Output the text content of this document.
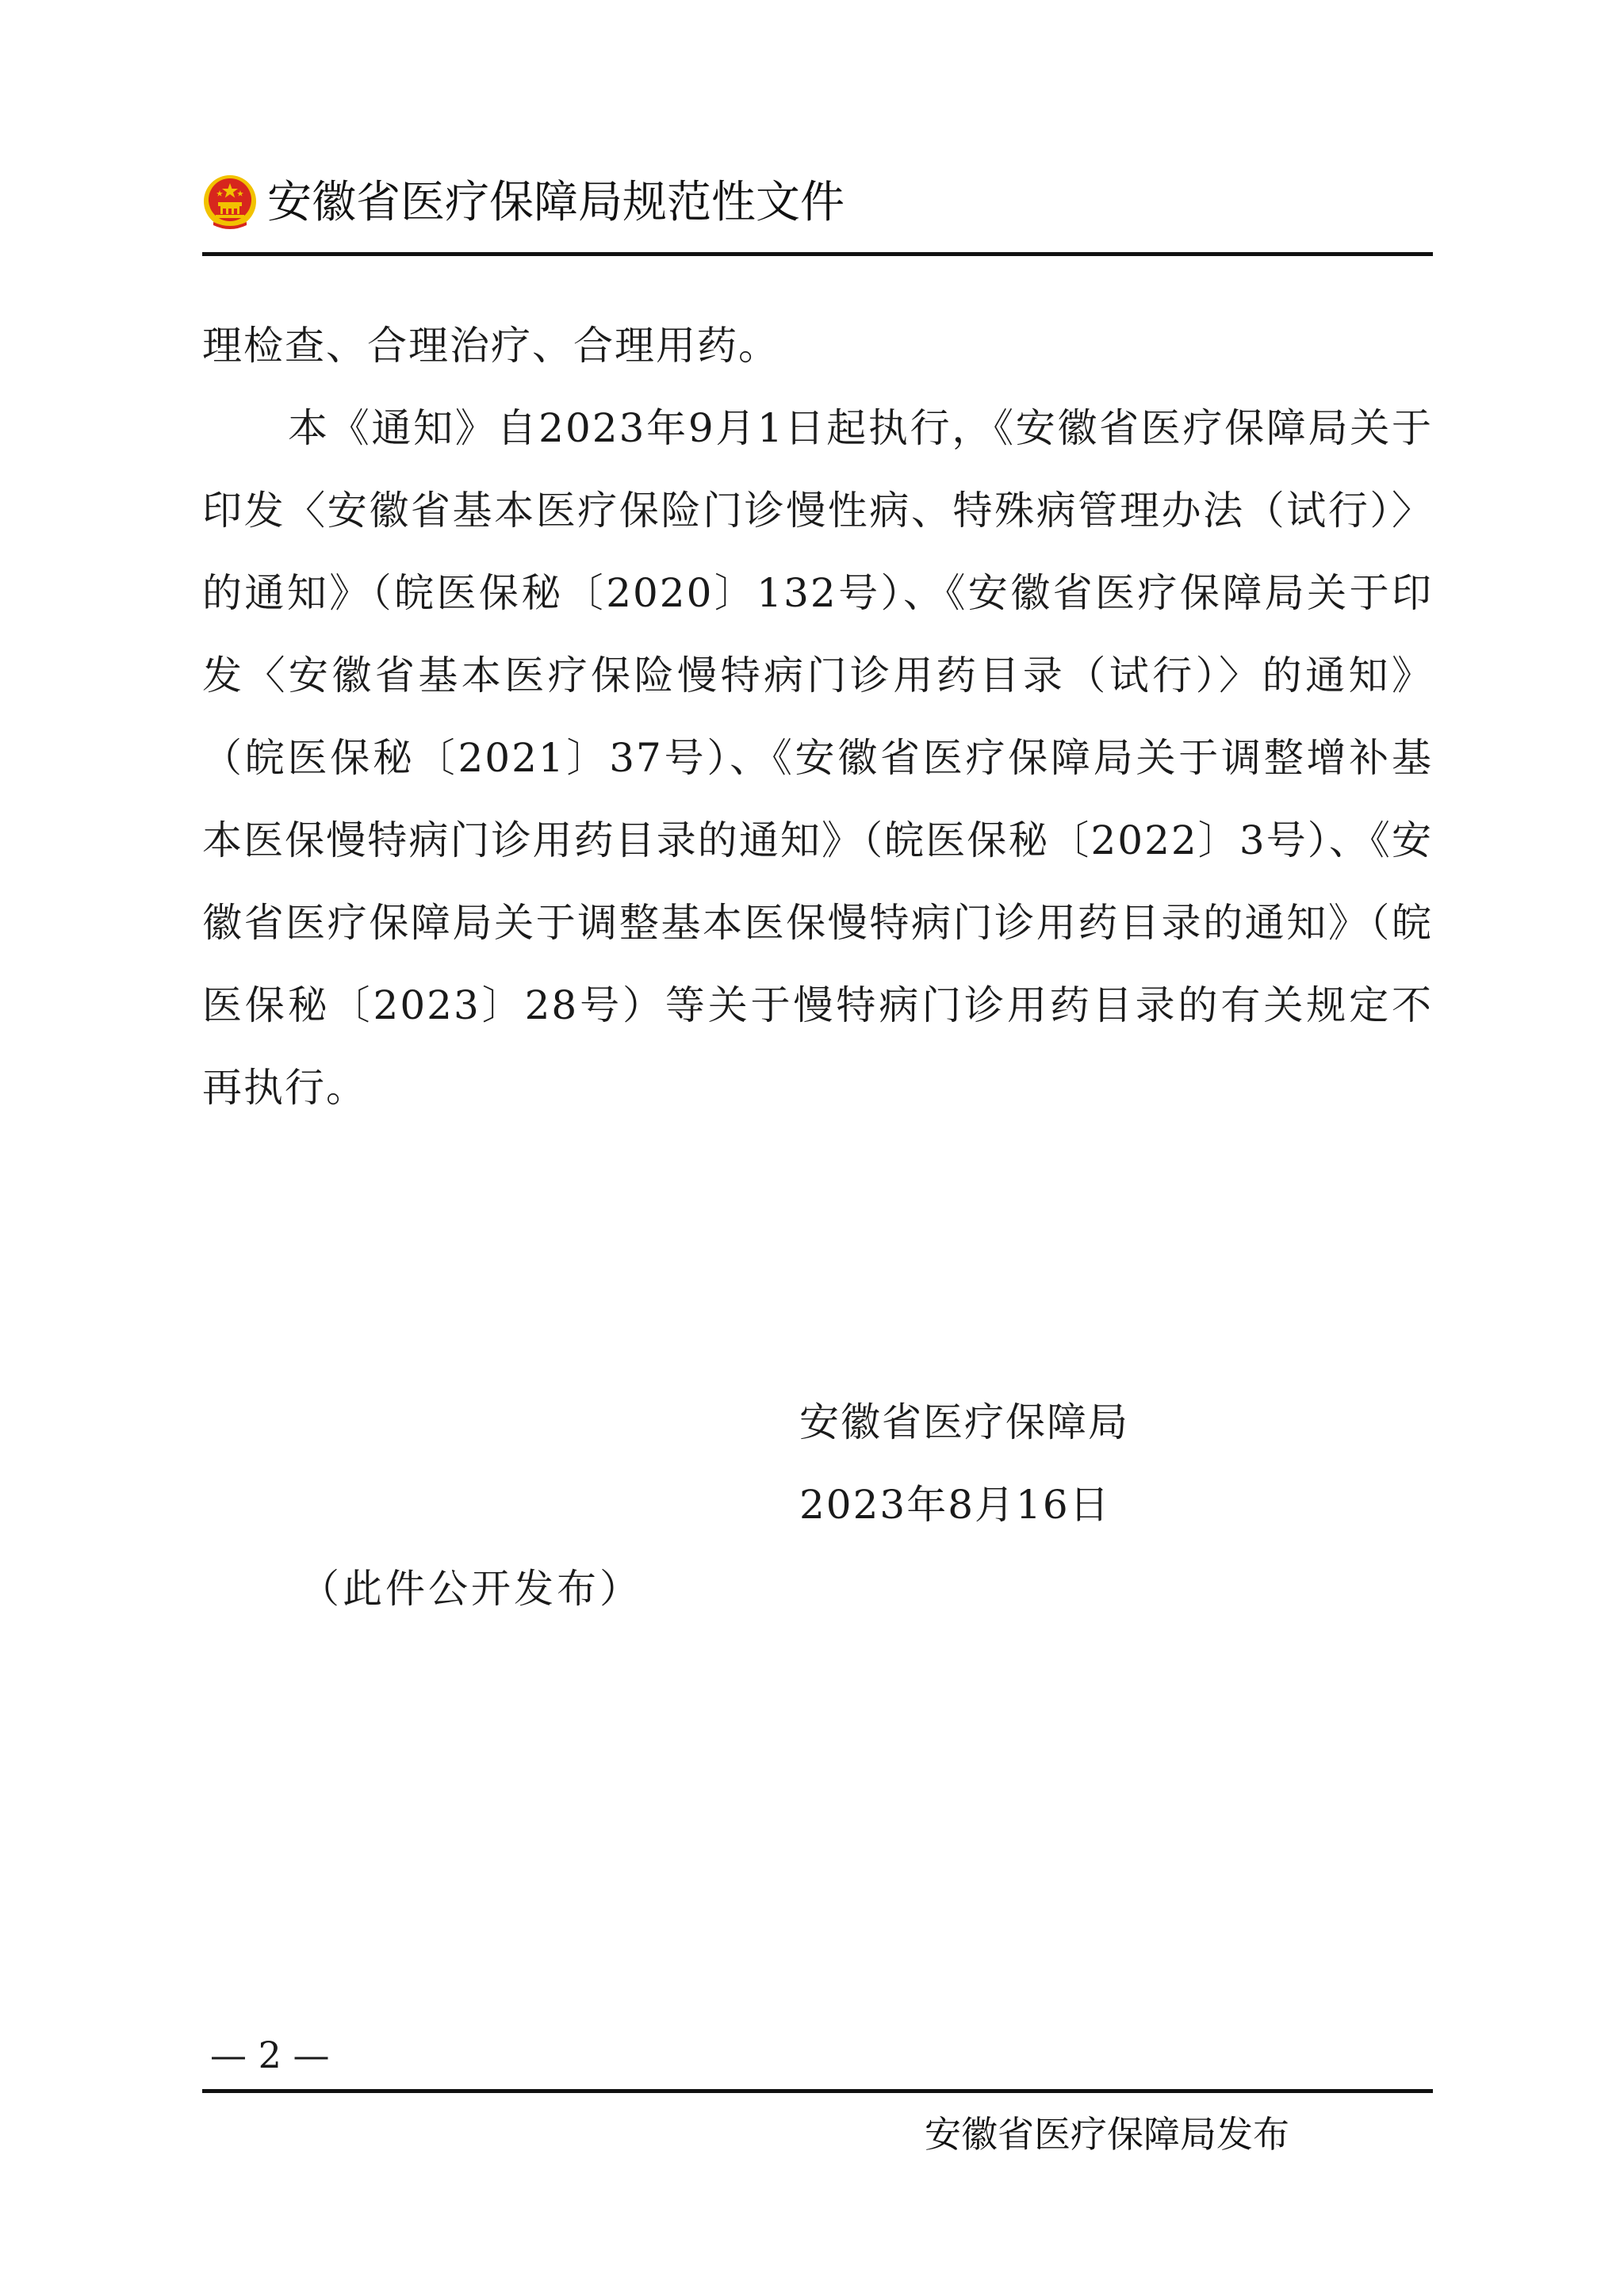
安徽省医疗保障局规范性文件

理检查、合理治疗、合理用药。

本《通知》自2023年9月1日起执行，《安徽省医疗保障局关于印发〈安徽省基本医疗保险门诊慢性病、特殊病管理办法（试行）〉的通知》（皖医保秘〔2020〕132号）、《安徽省医疗保障局关于印发〈安徽省基本医疗保险慢特病门诊用药目录（试行）〉的通知》（皖医保秘〔2021〕37号）、《安徽省医疗保障局关于调整增补基本医保慢特病门诊用药目录的通知》（皖医保秘〔2022〕3号）、《安徽省医疗保障局关于调整基本医保慢特病门诊用药目录的通知》（皖医保秘〔2023〕28号）等关于慢特病门诊用药目录的有关规定不再执行。

安徽省医疗保障局
2023年8月16日
（此件公开发布）
— 2 —
安徽省医疗保障局发布
